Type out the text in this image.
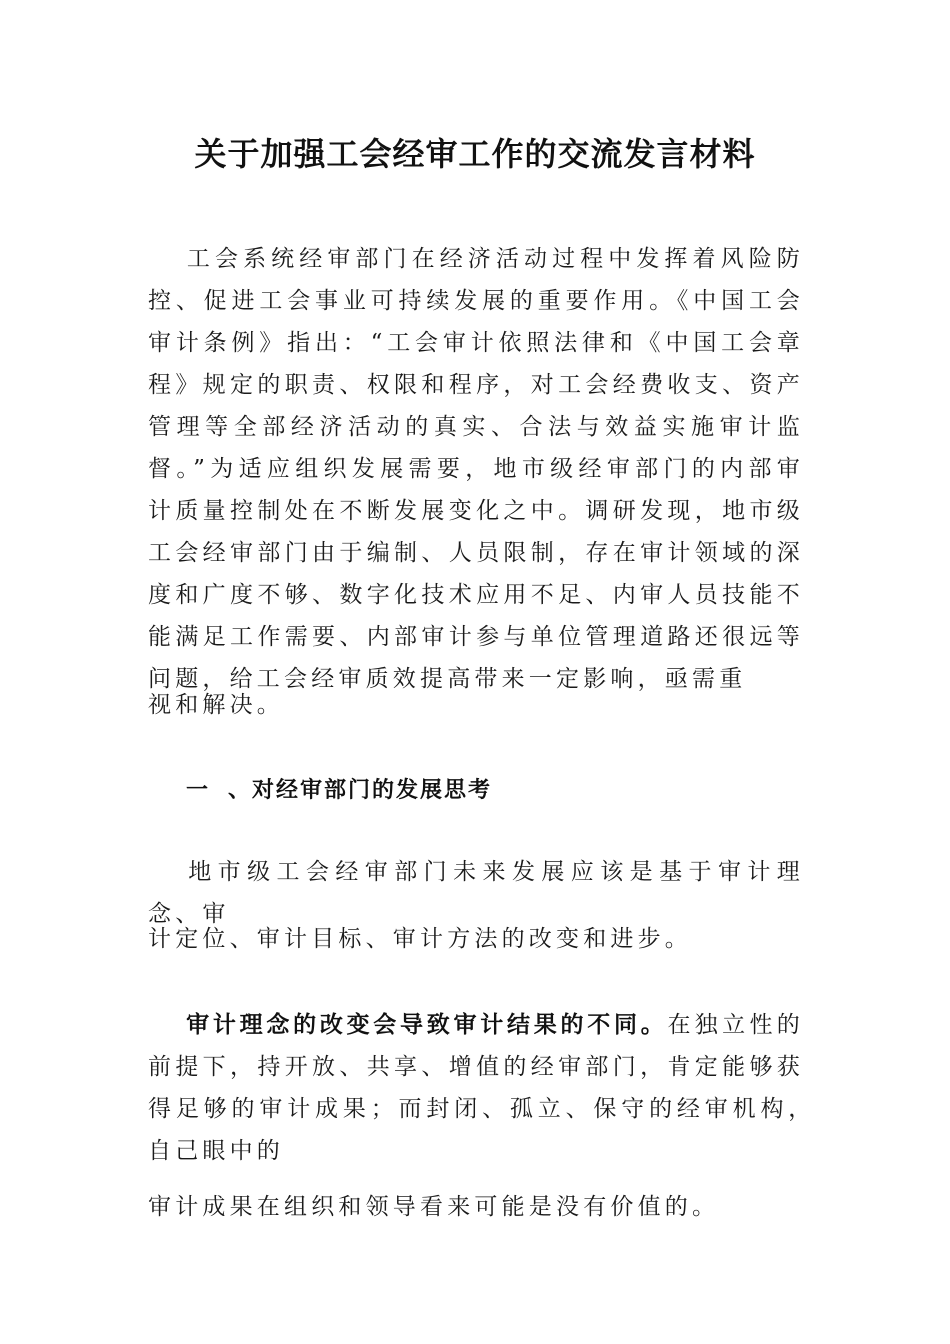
关于加强工会经审工作的交流发言材料

工会系统经审部门在经济活动过程中发挥着风险防控、促进工会事业可持续发展的重要作用。《中国工会审计条例》指出：“工会审计依照法律和《中国工会章程》规定的职责、权限和程序，对工会经费收支、资产管理等全部经济活动的真实、合法与效益实施审计监督。”为适应组织发展需要，地市级经审部门的内部审计质量控制处在不断发展变化之中。调研发现，地市级工会经审部门由于编制、人员限制，存在审计领域的深度和广度不够、数字化技术应用不足、内审人员技能不能满足工作需要、内部审计参与单位管理道路还很远等问题，给工会经审质效提高带来一定影响，亟需重

视和解决。

一 、对经审部门的发展思考

地市级工会经审部门未来发展应该是基于审计理念、审

计定位、审计目标、审计方法的改变和进步。

审计理念的改变会导致审计结果的不同。在独立性的前提下，持开放、共享、增值的经审部门，肯定能够获得足够的审计成果；而封闭、孤立、保守的经审机构，　自己眼中的

审计成果在组织和领导看来可能是没有价值的。
